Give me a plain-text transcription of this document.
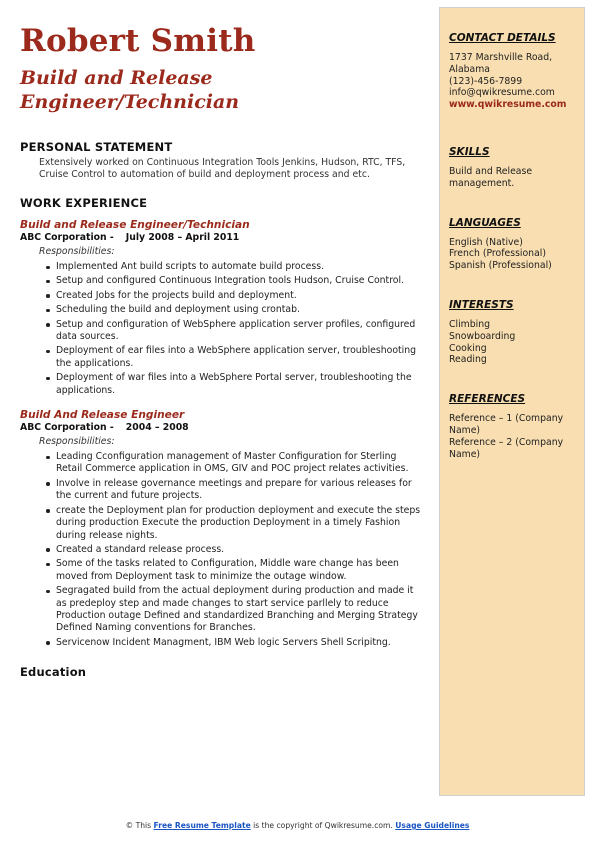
Robert Smith
Build and Release Engineer/Technician
PERSONAL STATEMENT

Extensively worked on Continuous Integration Tools Jenkins, Hudson, RTC, TFS, Cruise Control to automation of build and deployment process and etc.

WORK EXPERIENCE

Build and Release Engineer/Technician

ABC Corporation - July 2008 – April 2011

Responsibilities:

Implemented Ant build scripts to automate build process.
Setup and configured Continuous Integration tools Hudson, Cruise Control.
Created Jobs for the projects build and deployment.
Scheduling the build and deployment using crontab.
Setup and configuration of WebSphere application server profiles, configured data sources.
Deployment of ear files into a WebSphere application server, troubleshooting the applications.
Deployment of war files into a WebSphere Portal server, troubleshooting the applications.

Build And Release Engineer

ABC Corporation - 2004 – 2008

Responsibilities:

Leading Cconfiguration management of Master Configuration for Sterling Retail Commerce application in OMS, GIV and POC project relates activities.
Involve in release governance meetings and prepare for various releases for the current and future projects.
create the Deployment plan for production deployment and execute the steps during production Execute the production Deployment in a timely Fashion during release nights.
Created a standard release process.
Some of the tasks related to Configuration, Middle ware change has been moved from Deployment task to minimize the outage window.
Segragated build from the actual deployment during production and made it as predeploy step and made changes to start service parllely to reduce Production outage Defined and standardized Branching and Merging Strategy Defined Naming conventions for Branches.
Servicenow Incident Managment, IBM Web logic Servers Shell Scripitng.
Education

CONTACT DETAILS

1737 Marshville Road,

Alabama

(123)-456-7899

info@qwikresume.com

www.qwikresume.com

SKILLS

Build and Release management.

LANGUAGES

English (Native)

French (Professional)

Spanish (Professional)

INTERESTS

Climbing

Snowboarding

Cooking

Reading

REFERENCES

Reference – 1 (Company Name)

Reference – 2 (Company Name)

© This Free Resume Template is the copyright of Qwikresume.com. Usage Guidelines
